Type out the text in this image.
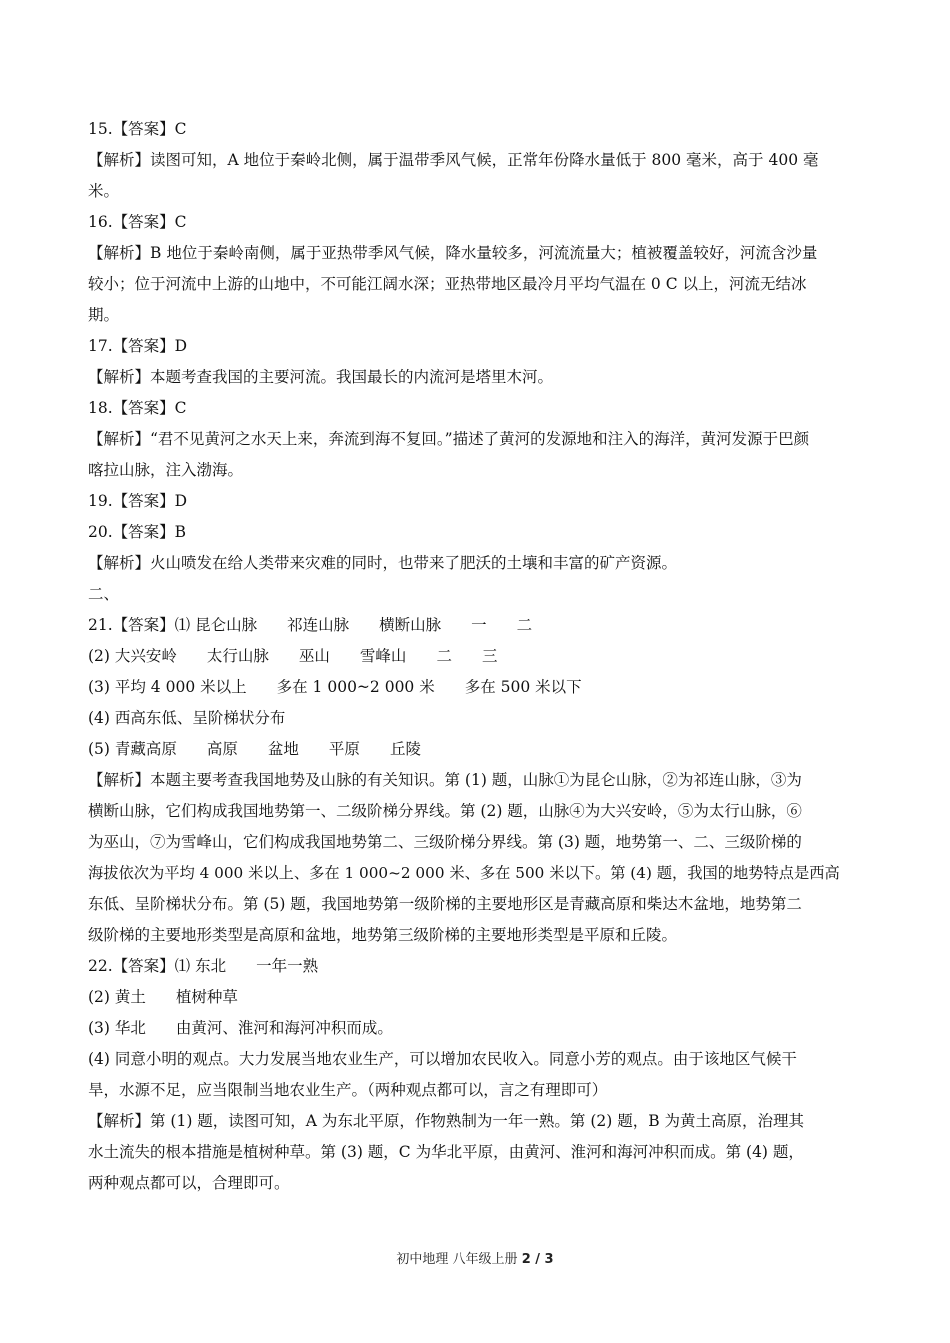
15.【答案】C
【解析】读图可知，A 地位于秦岭北侧，属于温带季风气候，正常年份降水量低于 800 毫米，高于 400 毫
米。
16.【答案】C
【解析】B 地位于秦岭南侧，属于亚热带季风气候，降水量较多，河流流量大；植被覆盖较好，河流含沙量
较小；位于河流中上游的山地中，不可能江阔水深；亚热带地区最冷月平均气温在 0 C 以上，河流无结冰
期。
17.【答案】D
【解析】本题考查我国的主要河流。我国最长的内流河是塔里木河。
18.【答案】C
【解析】“君不见黄河之水天上来，奔流到海不复回。”描述了黄河的发源地和注入的海洋，黄河发源于巴颜
喀拉山脉，注入渤海。
19.【答案】D
20.【答案】B
【解析】火山喷发在给人类带来灾难的同时，也带来了肥沃的土壤和丰富的矿产资源。
二、
21.【答案】⑴ 昆仑山脉 祁连山脉 横断山脉 一 二
(2) 大兴安岭 太行山脉 巫山 雪峰山 二 三
(3) 平均 4 000 米以上 多在 1 000~2 000 米 多在 500 米以下
(4) 西高东低、呈阶梯状分布
(5) 青藏高原 高原 盆地 平原 丘陵
【解析】本题主要考查我国地势及山脉的有关知识。第 (1) 题，山脉①为昆仑山脉，②为祁连山脉，③为
横断山脉，它们构成我国地势第一、二级阶梯分界线。第 (2) 题，山脉④为大兴安岭，⑤为太行山脉，⑥
为巫山，⑦为雪峰山，它们构成我国地势第二、三级阶梯分界线。第 (3) 题，地势第一、二、三级阶梯的
海拔依次为平均 4 000 米以上、多在 1 000~2 000 米、多在 500 米以下。第 (4) 题，我国的地势特点是西高
东低、呈阶梯状分布。第 (5) 题，我国地势第一级阶梯的主要地形区是青藏高原和柴达木盆地，地势第二
级阶梯的主要地形类型是高原和盆地，地势第三级阶梯的主要地形类型是平原和丘陵。
22.【答案】⑴ 东北 一年一熟
(2) 黄土 植树种草
(3) 华北 由黄河、淮河和海河冲积而成。
(4) 同意小明的观点。大力发展当地农业生产，可以增加农民收入。同意小芳的观点。由于该地区气候干
旱，水源不足，应当限制当地农业生产。（两种观点都可以，言之有理即可）
【解析】第 (1) 题，读图可知，A 为东北平原，作物熟制为一年一熟。第 (2) 题，B 为黄土高原，治理其
水土流失的根本措施是植树种草。第 (3) 题，C 为华北平原，由黄河、淮河和海河冲积而成。第 (4) 题，
两种观点都可以，合理即可。
初中地理 八年级上册 2 / 3
